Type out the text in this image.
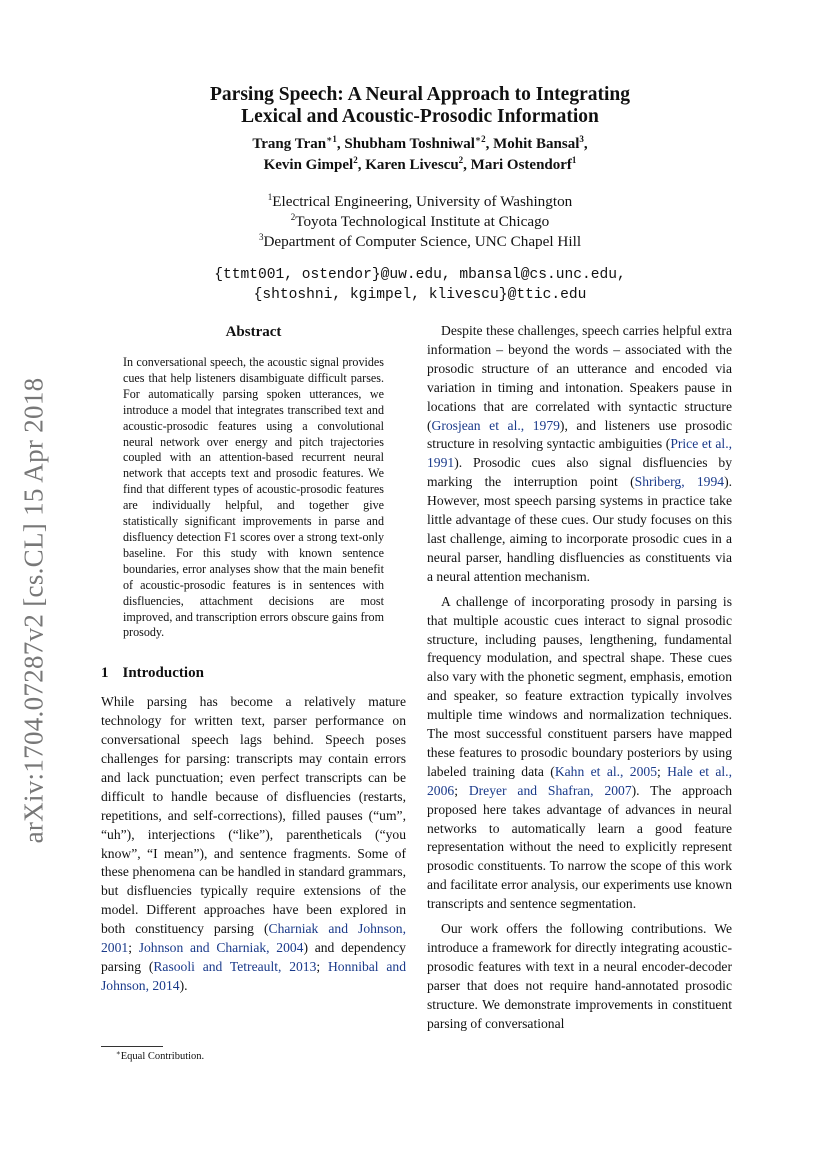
arXiv:1704.07287v2 [cs.CL] 15 Apr 2018
Parsing Speech: A Neural Approach to Integrating
Lexical and Acoustic-Prosodic Information
Trang Tran$^{∗1}$, Shubham Toshniwal$^{∗2}$, Mohit Bansal$^3$,
Kevin Gimpel$^2$, Karen Livescu$^2$, Mari Ostendorf$^1$
$^1$Electrical Engineering, University of Washington
$^2$Toyota Technological Institute at Chicago
$^3$Department of Computer Science, UNC Chapel Hill
{ttmt001, ostendor}@uw.edu, mbansal@cs.unc.edu,
{shtoshni, kgimpel, klivescu}@ttic.edu
Abstract
In conversational speech, the acoustic signal provides cues that help listeners disambiguate difficult parses. For automatically parsing spoken utterances, we introduce a model that integrates transcribed text and acoustic-prosodic features using a convolutional neural network over energy and pitch trajectories coupled with an attention-based recurrent neural network that accepts text and prosodic features. We find that different types of acoustic-prosodic features are individually helpful, and together give statistically significant improvements in parse and disfluency detection F1 scores over a strong text-only baseline. For this study with known sentence boundaries, error analyses show that the main benefit of acoustic-prosodic features is in sentences with disfluencies, attachment decisions are most improved, and transcription errors obscure gains from prosody.
1 Introduction

While parsing has become a relatively mature technology for written text, parser performance on conversational speech lags behind. Speech poses challenges for parsing: transcripts may contain errors and lack punctuation; even perfect transcripts can be difficult to handle because of disfluencies (restarts, repetitions, and self-corrections), filled pauses (“um”, “uh”), interjections (“like”), parentheticals (“you know”, “I mean”), and sentence fragments. Some of these phenomena can be handled in standard grammars, but disfluencies typically require extensions of the model. Different approaches have been explored in both constituency parsing (Charniak and Johnson, 2001; Johnson and Charniak, 2004) and dependency parsing (Rasooli and Tetreault, 2013; Honnibal and Johnson, 2014).

Despite these challenges, speech carries helpful extra information – beyond the words – associated with the prosodic structure of an utterance and encoded via variation in timing and intonation. Speakers pause in locations that are correlated with syntactic structure (Grosjean et al., 1979), and listeners use prosodic structure in resolving syntactic ambiguities (Price et al., 1991). Prosodic cues also signal disfluencies by marking the interruption point (Shriberg, 1994). However, most speech parsing systems in practice take little advantage of these cues. Our study focuses on this last challenge, aiming to incorporate prosodic cues in a neural parser, handling disfluencies as constituents via a neural attention mechanism.

A challenge of incorporating prosody in parsing is that multiple acoustic cues interact to signal prosodic structure, including pauses, lengthening, fundamental frequency modulation, and spectral shape. These cues also vary with the phonetic segment, emphasis, emotion and speaker, so feature extraction typically involves multiple time windows and normalization techniques. The most successful constituent parsers have mapped these features to prosodic boundary posteriors by using labeled training data (Kahn et al., 2005; Hale et al., 2006; Dreyer and Shafran, 2007). The approach proposed here takes advantage of advances in neural networks to automatically learn a good feature representation without the need to explicitly represent prosodic constituents. To narrow the scope of this work and facilitate error analysis, our experiments use known transcripts and sentence segmentation.

Our work offers the following contributions. We introduce a framework for directly integrating acoustic-prosodic features with text in a neural encoder-decoder parser that does not require hand-annotated prosodic structure. We demonstrate improvements in constituent parsing of conversational

∗Equal Contribution.
